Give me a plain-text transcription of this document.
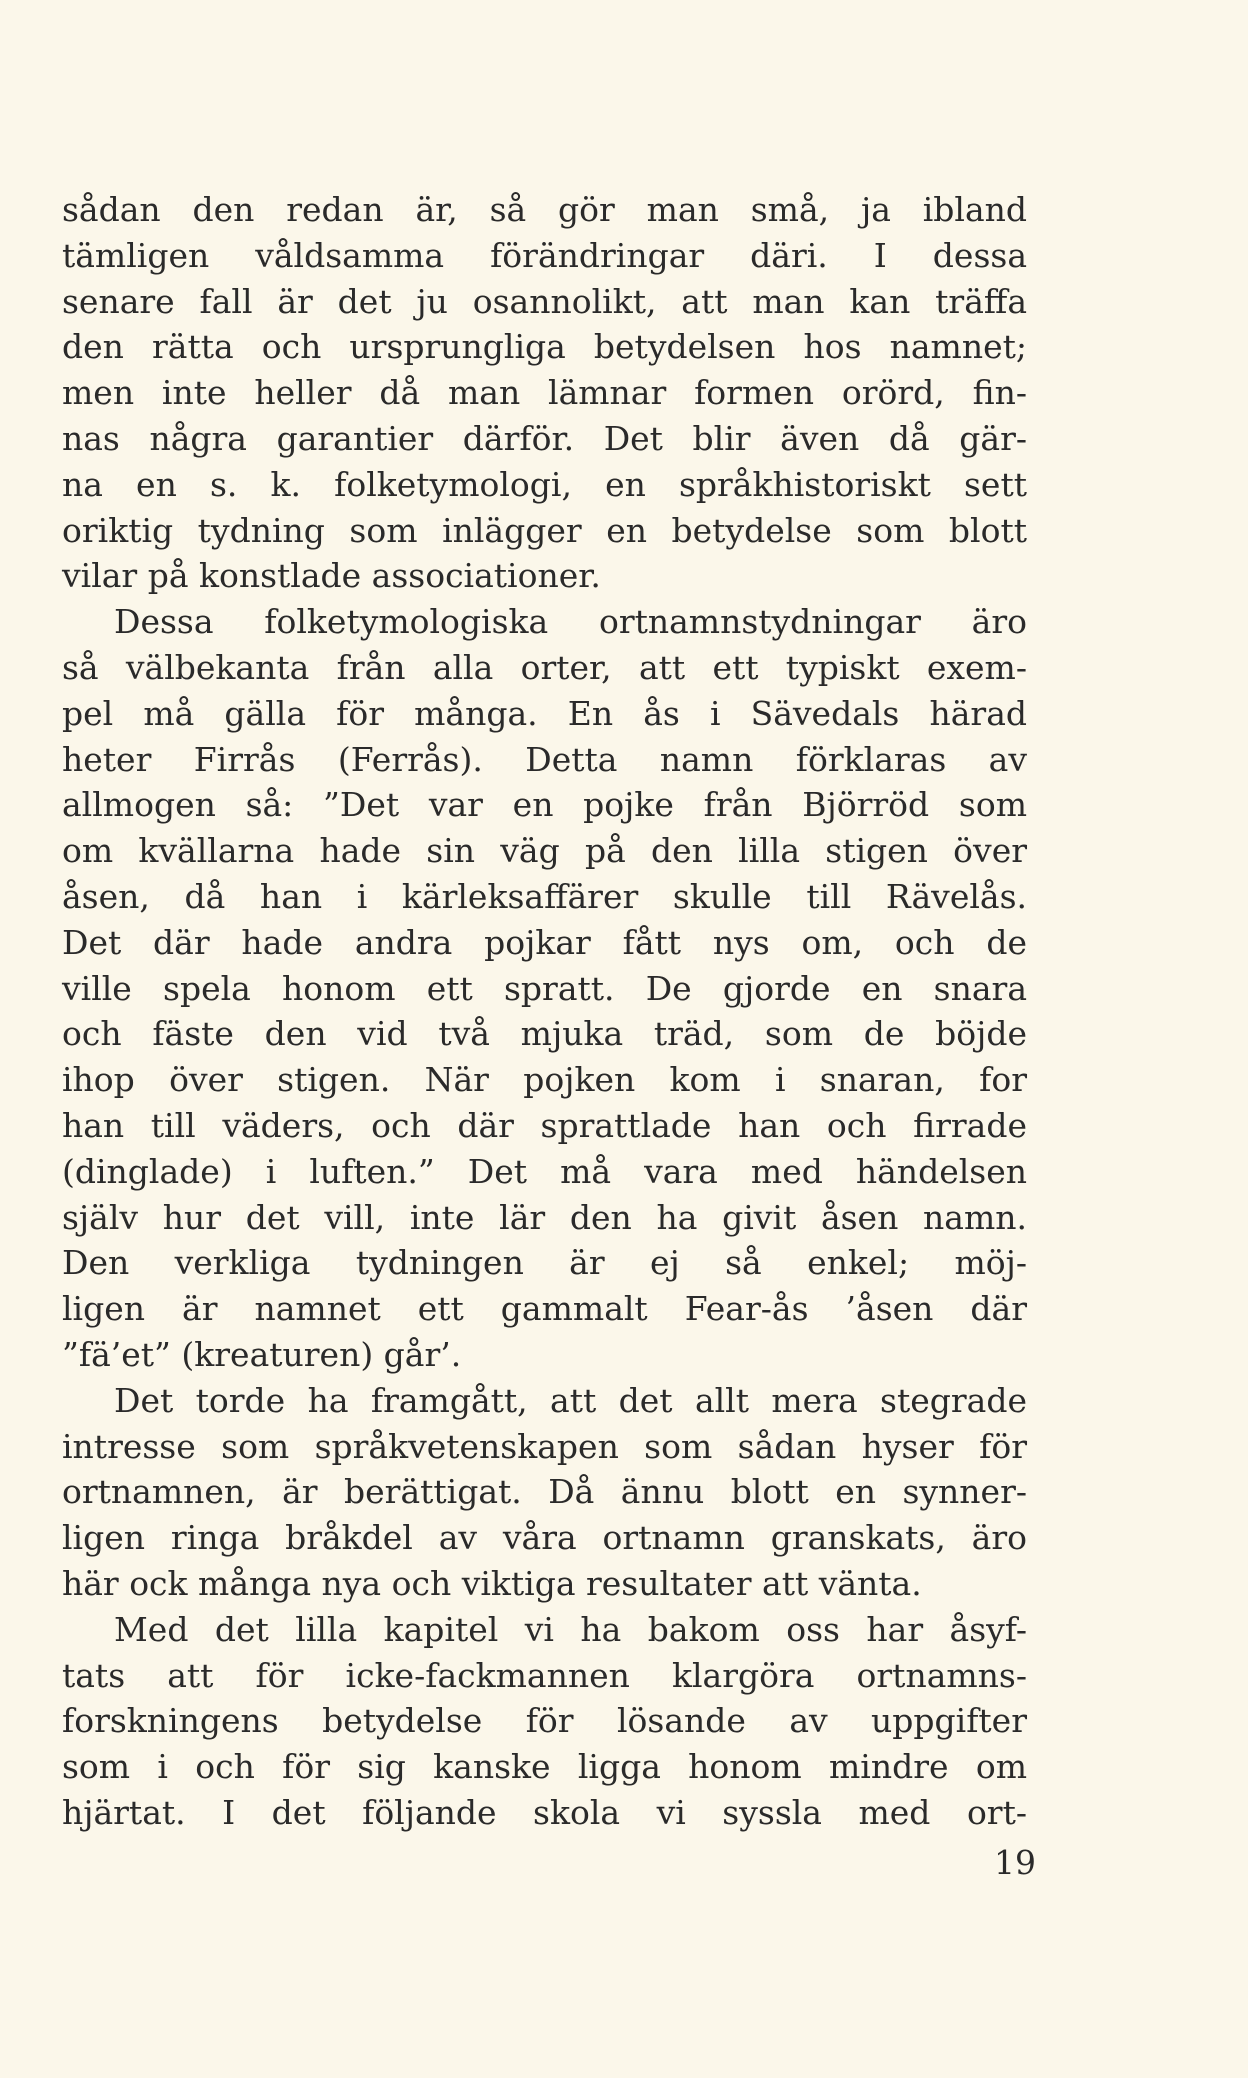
sådan den redan är, så gör man små, ja ibland
tämligen våldsamma förändringar däri. I dessa
senare fall är det ju osannolikt, att man kan träffa
den rätta och ursprungliga betydelsen hos namnet;
men inte heller då man lämnar formen orörd, fin-
nas några garantier därför. Det blir även då gär-
na en s. k. folketymologi, en språkhistoriskt sett
oriktig tydning som inlägger en betydelse som blott
vilar på konstlade associationer.
Dessa folketymologiska ortnamnstydningar äro
så välbekanta från alla orter, att ett typiskt exem-
pel må gälla för många. En ås i Sävedals härad
heter Firrås (Ferrås). Detta namn förklaras av
allmogen så: ”Det var en pojke från Björröd som
om kvällarna hade sin väg på den lilla stigen över
åsen, då han i kärleksaffärer skulle till Rävelås.
Det där hade andra pojkar fått nys om, och de
ville spela honom ett spratt. De gjorde en snara
och fäste den vid två mjuka träd, som de böjde
ihop över stigen. När pojken kom i snaran, for
han till väders, och där sprattlade han och firrade
(dinglade) i luften.” Det må vara med händelsen
själv hur det vill, inte lär den ha givit åsen namn.
Den verkliga tydningen är ej så enkel; möj-
ligen är namnet ett gammalt Fear-ås ’åsen där
”fä’et” (kreaturen) går’.
Det torde ha framgått, att det allt mera stegrade
intresse som språkvetenskapen som sådan hyser för
ortnamnen, är berättigat. Då ännu blott en synner-
ligen ringa bråkdel av våra ortnamn granskats, äro
här ock många nya och viktiga resultater att vänta.
Med det lilla kapitel vi ha bakom oss har åsyf-
tats att för icke-fackmannen klargöra ortnamns-
forskningens betydelse för lösande av uppgifter
som i och för sig kanske ligga honom mindre om
hjärtat. I det följande skola vi syssla med ort-
19
